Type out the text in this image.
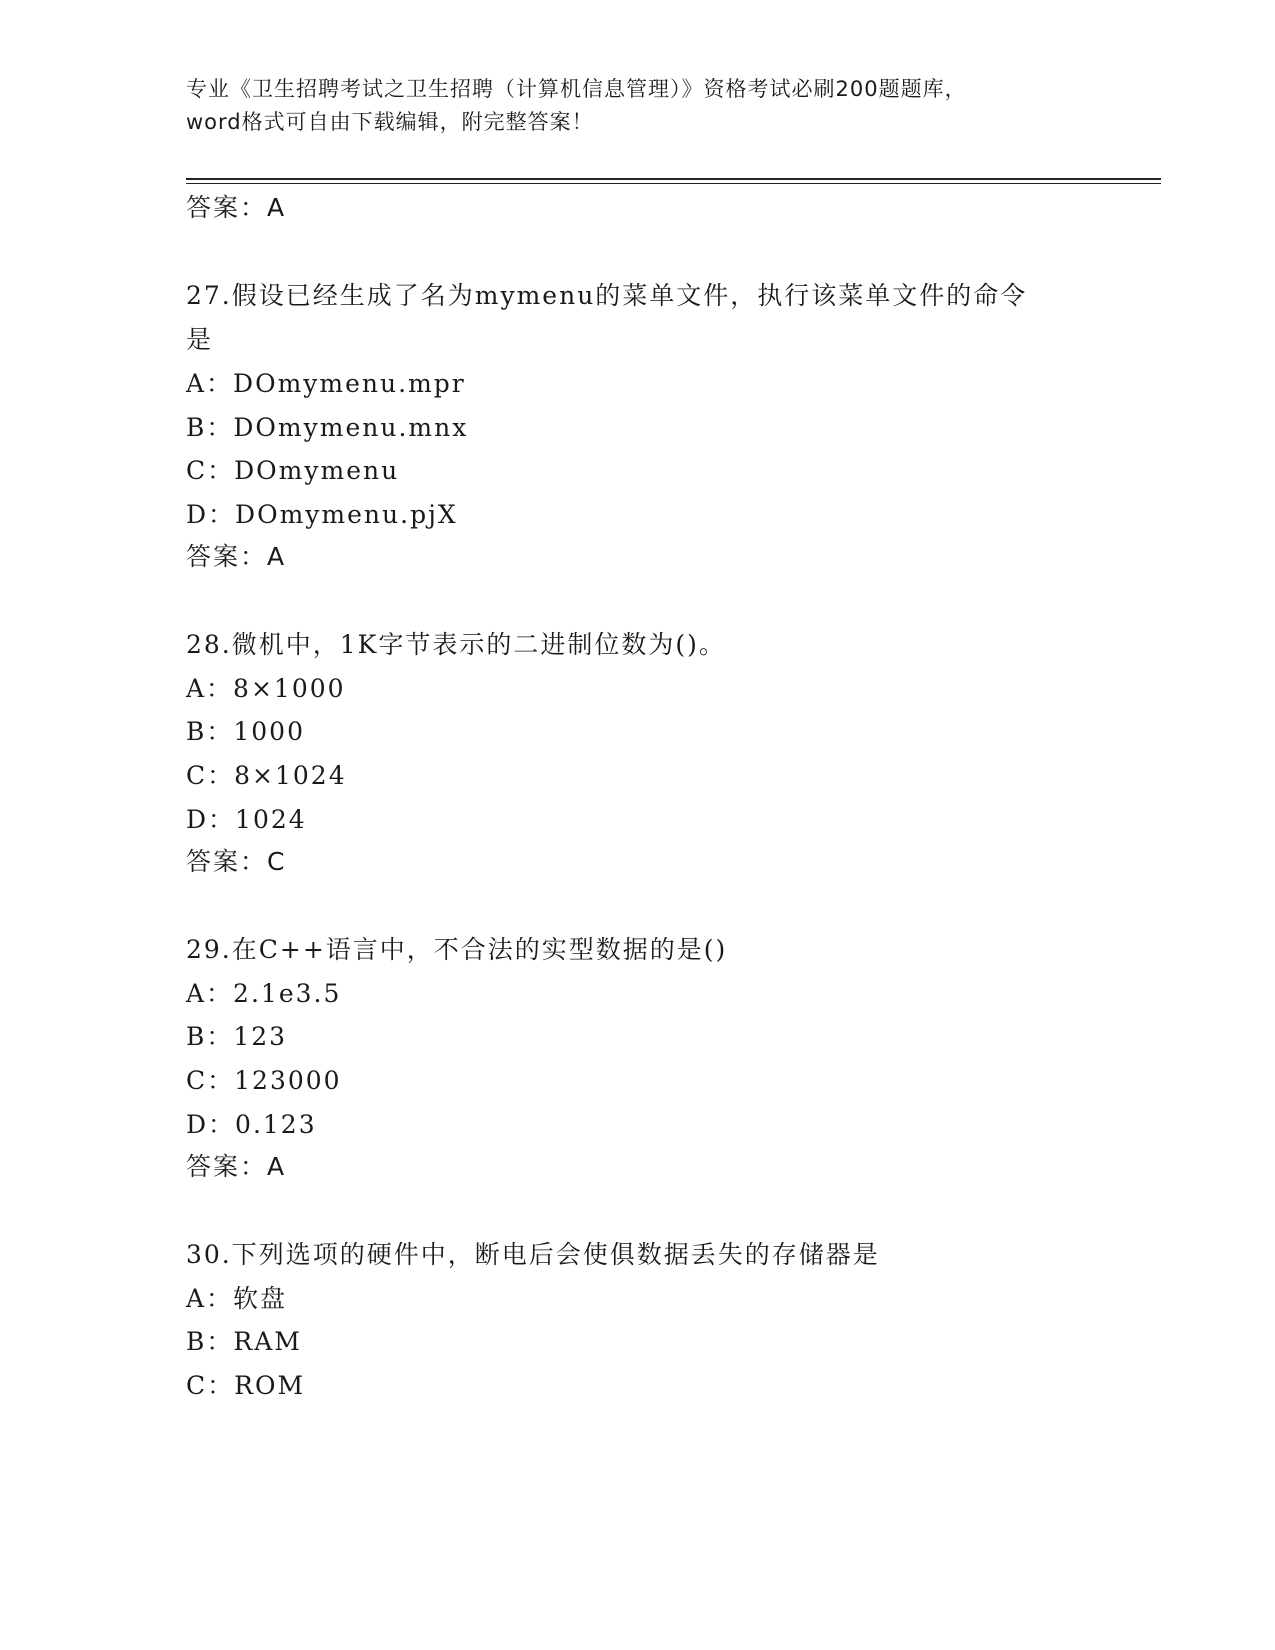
专业《卫生招聘考试之卫生招聘（计算机信息管理）》资格考试必刷200题题库，
word格式可自由下载编辑，附完整答案！
答案：A
27.假设已经生成了名为mymenu的菜单文件，执行该菜单文件的命令
是
A：DOmymenu.mpr
B：DOmymenu.mnx
C：DOmymenu
D：DOmymenu.pjX
答案：A
28.微机中，1K字节表示的二进制位数为()。
A：8×1000
B：1000
C：8×1024
D：1024
答案：C
29.在C++语言中，不合法的实型数据的是()
A：2.1e3.5
B：123
C：123000
D：0.123
答案：A
30.下列选项的硬件中，断电后会使俱数据丢失的存储器是
A：软盘
B：RAM
C：ROM
